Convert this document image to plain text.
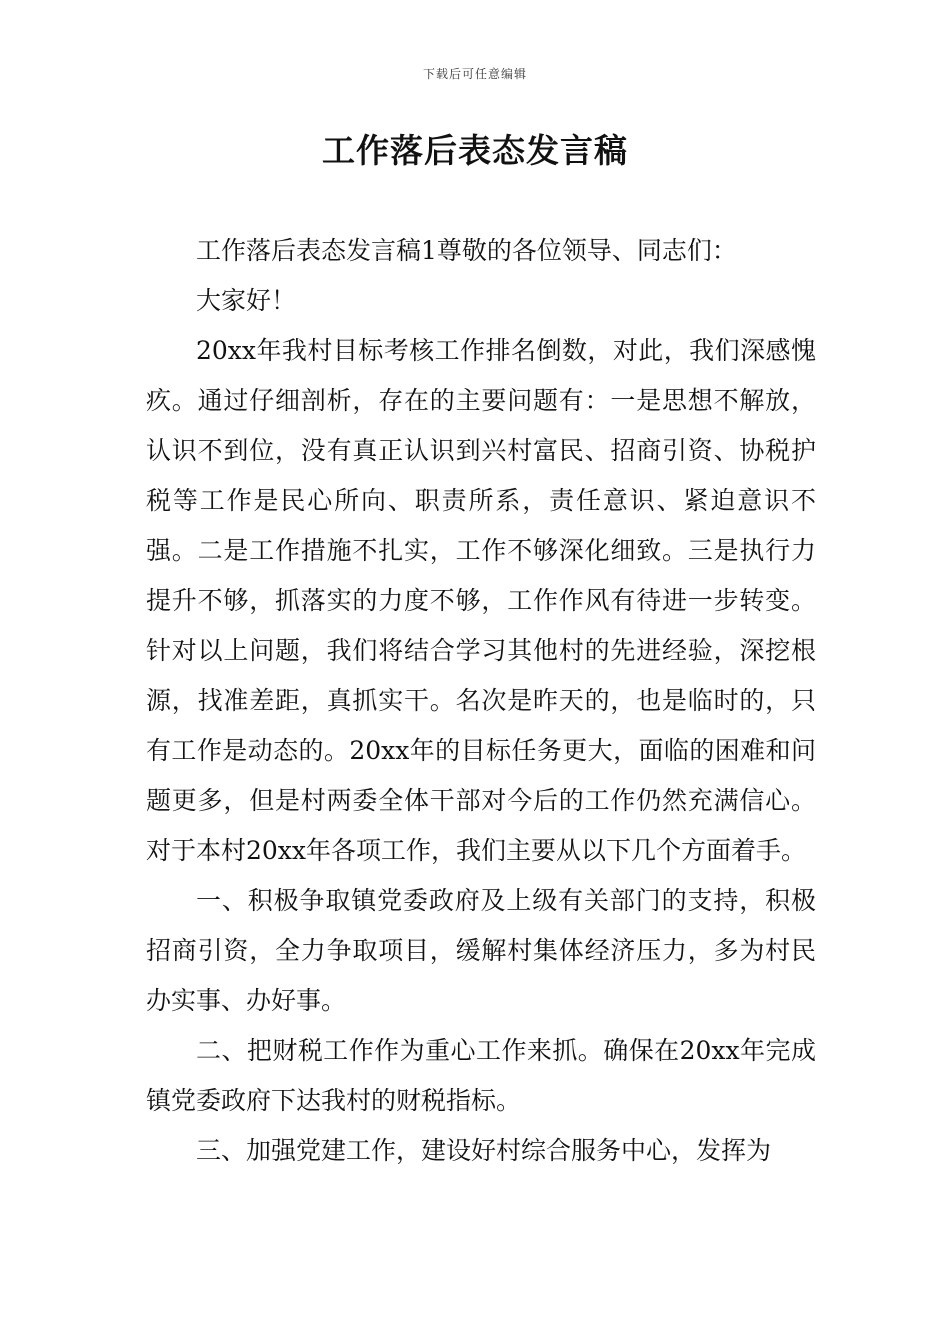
下载后可任意编辑
工作落后表态发言稿

工作落后表态发言稿1尊敬的各位领导、同志们：

大家好！

20xx年我村目标考核工作排名倒数，对此，我们深感愧疚。通过仔细剖析，存在的主要问题有：一是思想不解放，认识不到位，没有真正认识到兴村富民、招商引资、协税护税等工作是民心所向、职责所系，责任意识、紧迫意识不强。二是工作措施不扎实，工作不够深化细致。三是执行力提升不够，抓落实的力度不够，工作作风有待进一步转变。针对以上问题，我们将结合学习其他村的先进经验，深挖根源，找准差距，真抓实干。名次是昨天的，也是临时的，只有工作是动态的。20xx年的目标任务更大，面临的困难和问题更多，但是村两委全体干部对今后的工作仍然充满信心。对于本村20xx年各项工作，我们主要从以下几个方面着手。

一、积极争取镇党委政府及上级有关部门的支持，积极招商引资，全力争取项目，缓解村集体经济压力，多为村民办实事、办好事。

二、把财税工作作为重心工作来抓。确保在20xx年完成镇党委政府下达我村的财税指标。

三、加强党建工作，建设好村综合服务中心，发挥为
